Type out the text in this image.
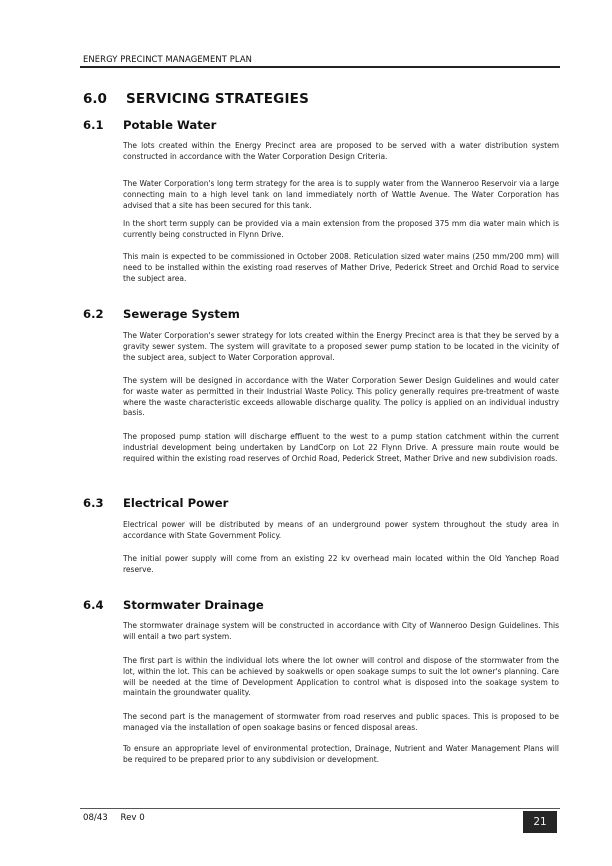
ENERGY PRECINCT MANAGEMENT PLAN
6.0 SERVICING STRATEGIES
6.1 Potable Water

The lots created within the Energy Precinct area are proposed to be served with a water distribution system constructed in accordance with the Water Corporation Design Criteria.

The Water Corporation's long term strategy for the area is to supply water from the Wanneroo Reservoir via a large connecting main to a high level tank on land immediately north of Wattle Avenue. The Water Corporation has advised that a site has been secured for this tank.

In the short term supply can be provided via a main extension from the proposed 375 mm dia water main which is currently being constructed in Flynn Drive.

This main is expected to be commissioned in October 2008. Reticulation sized water mains (250 mm/200 mm) will need to be installed within the existing road reserves of Mather Drive, Pederick Street and Orchid Road to service the subject area.

6.2 Sewerage System

The Water Corporation's sewer strategy for lots created within the Energy Precinct area is that they be served by a gravity sewer system. The system will gravitate to a proposed sewer pump station to be located in the vicinity of the subject area, subject to Water Corporation approval.

The system will be designed in accordance with the Water Corporation Sewer Design Guidelines and would cater for waste water as permitted in their Industrial Waste Policy. This policy generally requires pre-treatment of waste where the waste characteristic exceeds allowable discharge quality. The policy is applied on an individual industry basis.

The proposed pump station will discharge effluent to the west to a pump station catchment within the current industrial development being undertaken by LandCorp on Lot 22 Flynn Drive. A pressure main route would be required within the existing road reserves of Orchid Road, Pederick Street, Mather Drive and new subdivision roads.

6.3 Electrical Power

Electrical power will be distributed by means of an underground power system throughout the study area in accordance with State Government Policy.

The initial power supply will come from an existing 22 kv overhead main located within the Old Yanchep Road reserve.

6.4 Stormwater Drainage

The stormwater drainage system will be constructed in accordance with City of Wanneroo Design Guidelines. This will entail a two part system.

The first part is within the individual lots where the lot owner will control and dispose of the stormwater from the lot, within the lot. This can be achieved by soakwells or open soakage sumps to suit the lot owner's planning. Care will be needed at the time of Development Application to control what is disposed into the soakage system to maintain the groundwater quality.

The second part is the management of stormwater from road reserves and public spaces. This is proposed to be managed via the installation of open soakage basins or fenced disposal areas.

To ensure an appropriate level of environmental protection, Drainage, Nutrient and Water Management Plans will be required to be prepared prior to any subdivision or development.

08/43 Rev 0	21
